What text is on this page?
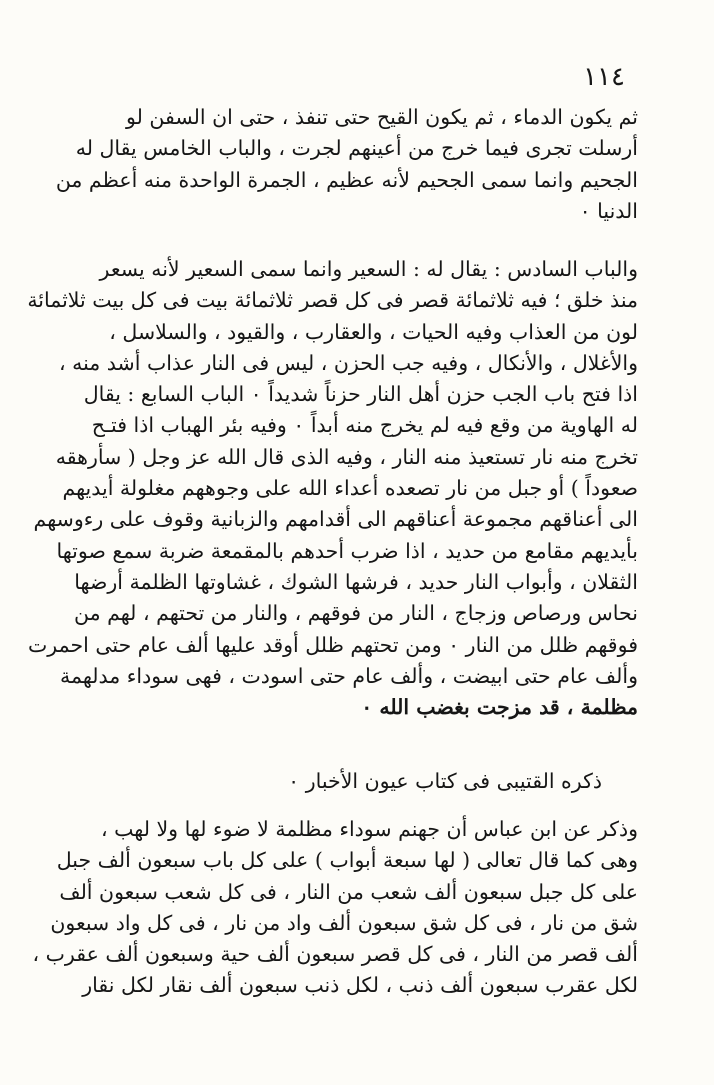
١١٤

ثم يكون الدماء ، ثم يكون القيح حتى تنفذ ، حتى ان السفن لو
أرسلت تجرى فيما خرج من أعينهم لجرت ، والباب الخامس يقال له
الجحيم وانما سمى الجحيم لأنه عظيم ، الجمرة الواحدة منه أعظم من
الدنيا ٠

والباب السادس : يقال له : السعير وانما سمى السعير لأنه يسعر
منذ خلق ؛ فيه ثلاثمائة قصر فى كل قصر ثلاثمائة بيت فى كل بيت ثلاثمائة
لون من العذاب وفيه الحيات ، والعقارب ، والقيود ، والسلاسل ،
والأغلال ، والأنكال ، وفيه جب الحزن ، ليس فى النار عذاب أشد منه ،
اذا فتح باب الجب حزن أهل النار حزناً شديداً ٠ الباب السابع : يقال
له الهاوية من وقع فيه لم يخرج منه أبداً ٠ وفيه بئر الهباب اذا فتـح
تخرج منه نار تستعيذ منه النار ، وفيه الذى قال الله عز وجل ( سأرهقه
صعوداً ) أو جبل من نار تصعده أعداء الله على وجوههم مغلولة أيديهم
الى أعناقهم مجموعة أعناقهم الى أقدامهم والزبانية وقوف على رءوسهم
بأيديهم مقامع من حديد ، اذا ضرب أحدهم بالمقمعة ضربة سمع صوتها
الثقلان ، وأبواب النار حديد ، فرشها الشوك ، غشاوتها الظلمة أرضها
نحاس ورصاص وزجاج ، النار من فوقهم ، والنار من تحتهم ، لهم من
فوقهم ظلل من النار ٠ ومن تحتهم ظلل أوقد عليها ألف عام حتى احمرت
وألف عام حتى ابيضت ، وألف عام حتى اسودت ، فهى سوداء مدلهمة
مظلمة ، قد مزجت بغضب الله ٠

ذكره القتيبى فى كتاب عيون الأخبار ٠

وذكر عن ابن عباس أن جهنم سوداء مظلمة لا ضوء لها ولا لهب ،
وهى كما قال تعالى ( لها سبعة أبواب ) على كل باب سبعون ألف جبل
على كل جبل سبعون ألف شعب من النار ، فى كل شعب سبعون ألف
شق من نار ، فى كل شق سبعون ألف واد من نار ، فى كل واد سبعون
ألف قصر من النار ، فى كل قصر سبعون ألف حية وسبعون ألف عقرب ،
لكل عقرب سبعون ألف ذنب ، لكل ذنب سبعون ألف نقار لكل نقار
